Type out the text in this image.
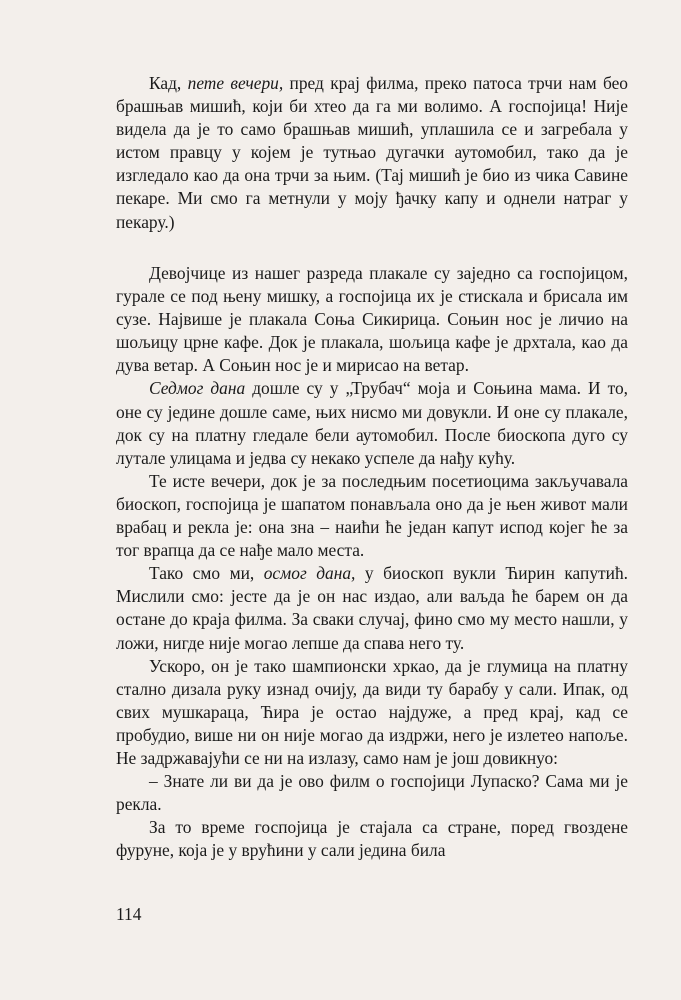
Кад, пете вечери, пред крај филма, преко патоса трчи нам беo брашњав мишић, који би хтео да га ми волимо. А госпојица! Није видела да је то само брашњав мишић, уплашила се и загребала у истом правцу у којем је тутњао дугачки аутомобил, тако да је изгледало као да она трчи за њим. (Тај мишић је био из чика Савине пекаре. Ми смо га метнули у моју ђачку капу и однели натраг у пекару.)

Девојчице из нашег разреда плакале су заједно са госпојицом, гурале се под њену мишку, а госпојица их је стискала и брисала им сузе. Највише је плакала Соња Сикирица. Соњин нос је личио на шољицу црне кафе. Док је плакала, шољица кафе је дрхтала, као да дува ветар. А Соњин нос је и мирисао на ветар.

Седмог дана дошле су у „Трубач“ моја и Соњина мама. И то, оне су једине дошле саме, њих нисмо ми довукли. И оне су плакале, док су на платну гледале бели аутомобил. После биоскопа дуго су лутале улицама и једва су некако успеле да нађу кућу.

Те исте вечери, док је за последњим посетиоцима закључавала биоскоп, госпојица је шапатом понављала оно да је њен живот мали врабац и рекла је: она зна – наићи ће један капут испод којег ће за тог врапца да се нађе мало места.

Тако смо ми, осмог дана, у биоскоп вукли Ћирин капутић. Мислили смо: јесте да је он нас издао, али ваљда ће барем он да остане до краја филма. За сваки случај, фино смо му место нашли, у ложи, нигде није могао лепше да спава него ту.

Ускоро, он је тако шампионски хркао, да је глумица на платну стално дизала руку изнад очију, да види ту барабу у сали. Ипак, од свих мушкараца, Ћира је остао најдуже, а пред крај, кад се пробудио, више ни он није могао да издржи, него је излетео напоље. Не задржавајући се ни на излазу, само нам је још довикнуо:

– Знате ли ви да је ово филм о госпојици Лупаско? Сама ми је рекла.

За то време госпојица је стајала са стране, поред гвоздене фуруне, која је у врућини у сали једина била

114
